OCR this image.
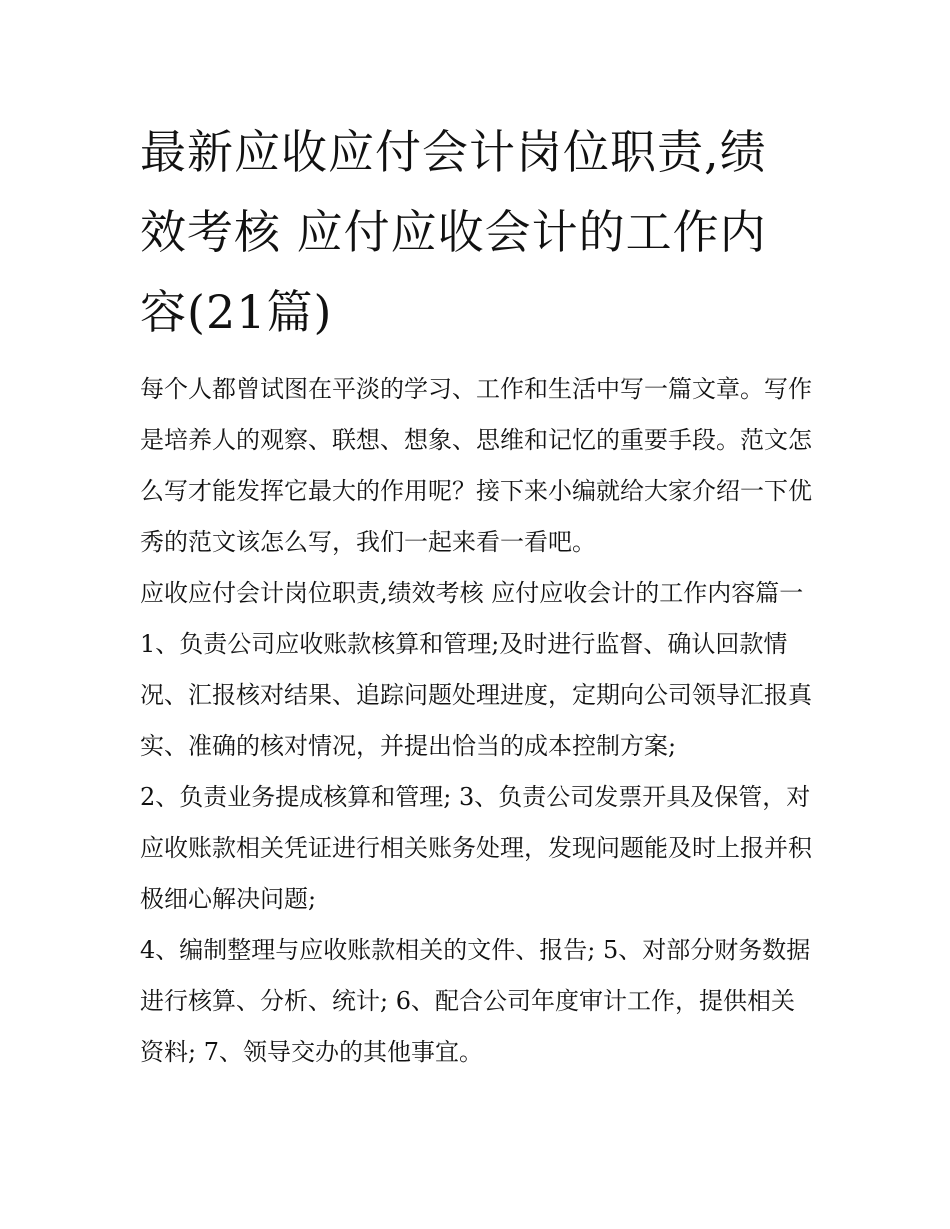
最新应收应付会计岗位职责,绩效考核 应付应收会计的工作内容(21篇)

每个人都曾试图在平淡的学习、工作和生活中写一篇文章。写作是培养人的观察、联想、想象、思维和记忆的重要手段。范文怎么写才能发挥它最大的作用呢？接下来小编就给大家介绍一下优秀的范文该怎么写，我们一起来看一看吧。

应收应付会计岗位职责,绩效考核 应付应收会计的工作内容篇一

1、负责公司应收账款核算和管理;及时进行监督、确认回款情况、汇报核对结果、追踪问题处理进度，定期向公司领导汇报真实、准确的核对情况，并提出恰当的成本控制方案;

2、负责业务提成核算和管理; 3、负责公司发票开具及保管，对应收账款相关凭证进行相关账务处理，发现问题能及时上报并积极细心解决问题;

4、编制整理与应收账款相关的文件、报告; 5、对部分财务数据进行核算、分析、统计; 6、配合公司年度审计工作，提供相关资料; 7、领导交办的其他事宜。
